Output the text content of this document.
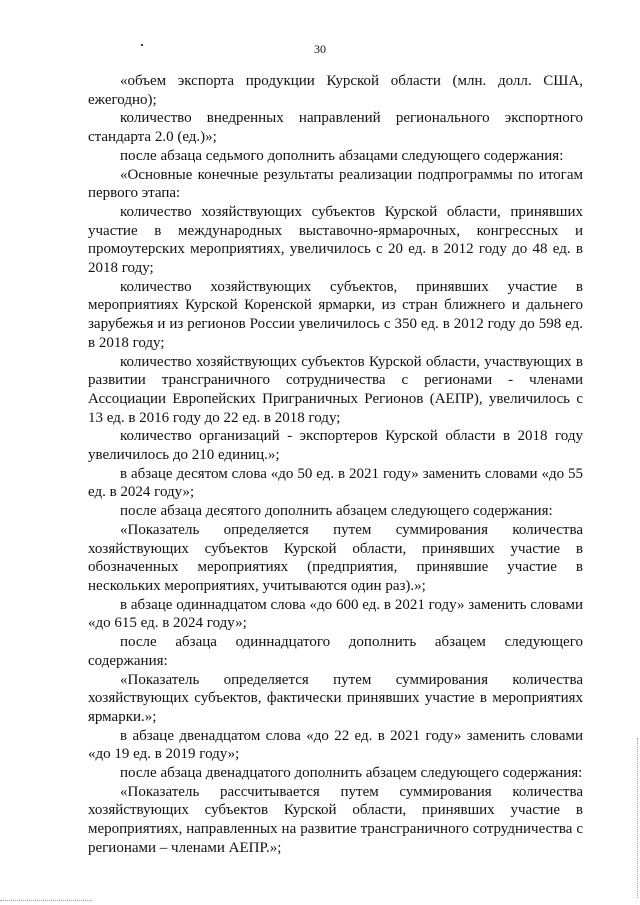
30

«объем экспорта продукции Курской области (млн. долл. США, ежегодно);

количество внедренных направлений регионального экспортного стандарта 2.0 (ед.)»;

после абзаца седьмого дополнить абзацами следующего содержания:

«Основные конечные результаты реализации подпрограммы по итогам первого этапа:

количество хозяйствующих субъектов Курской области, принявших участие в международных выставочно-ярмарочных, конгрессных и промоутерских мероприятиях, увеличилось с 20 ед. в 2012 году до 48 ед. в 2018 году;

количество хозяйствующих субъектов, принявших участие в мероприятиях Курской Коренской ярмарки, из стран ближнего и дальнего зарубежья и из регионов России увеличилось с 350 ед. в 2012 году до 598 ед. в 2018 году;

количество хозяйствующих субъектов Курской области, участвующих в развитии трансграничного сотрудничества с регионами - членами Ассоциации Европейских Приграничных Регионов (АЕПР), увеличилось с 13 ед. в 2016 году до 22 ед. в 2018 году;

количество организаций - экспортеров Курской области в 2018 году увеличилось до 210 единиц.»;

в абзаце десятом слова «до 50 ед. в 2021 году» заменить словами «до 55 ед. в 2024 году»;

после абзаца десятого дополнить абзацем следующего содержания:

«Показатель определяется путем суммирования количества хозяйствующих субъектов Курской области, принявших участие в обозначенных мероприятиях (предприятия, принявшие участие в нескольких мероприятиях, учитываются один раз).»;

в абзаце одиннадцатом слова «до 600 ед. в 2021 году» заменить словами «до 615 ед. в 2024 году»;

после абзаца одиннадцатого дополнить абзацем следующего содержания:

«Показатель определяется путем суммирования количества хозяйствующих субъектов, фактически принявших участие в мероприятиях ярмарки.»;

в абзаце двенадцатом слова «до 22 ед. в 2021 году» заменить словами «до 19 ед. в 2019 году»;

после абзаца двенадцатого дополнить абзацем следующего содержания:

«Показатель рассчитывается путем суммирования количества хозяйствующих субъектов Курской области, принявших участие в мероприятиях, направленных на развитие трансграничного сотрудничества с регионами – членами АЕПР.»;
